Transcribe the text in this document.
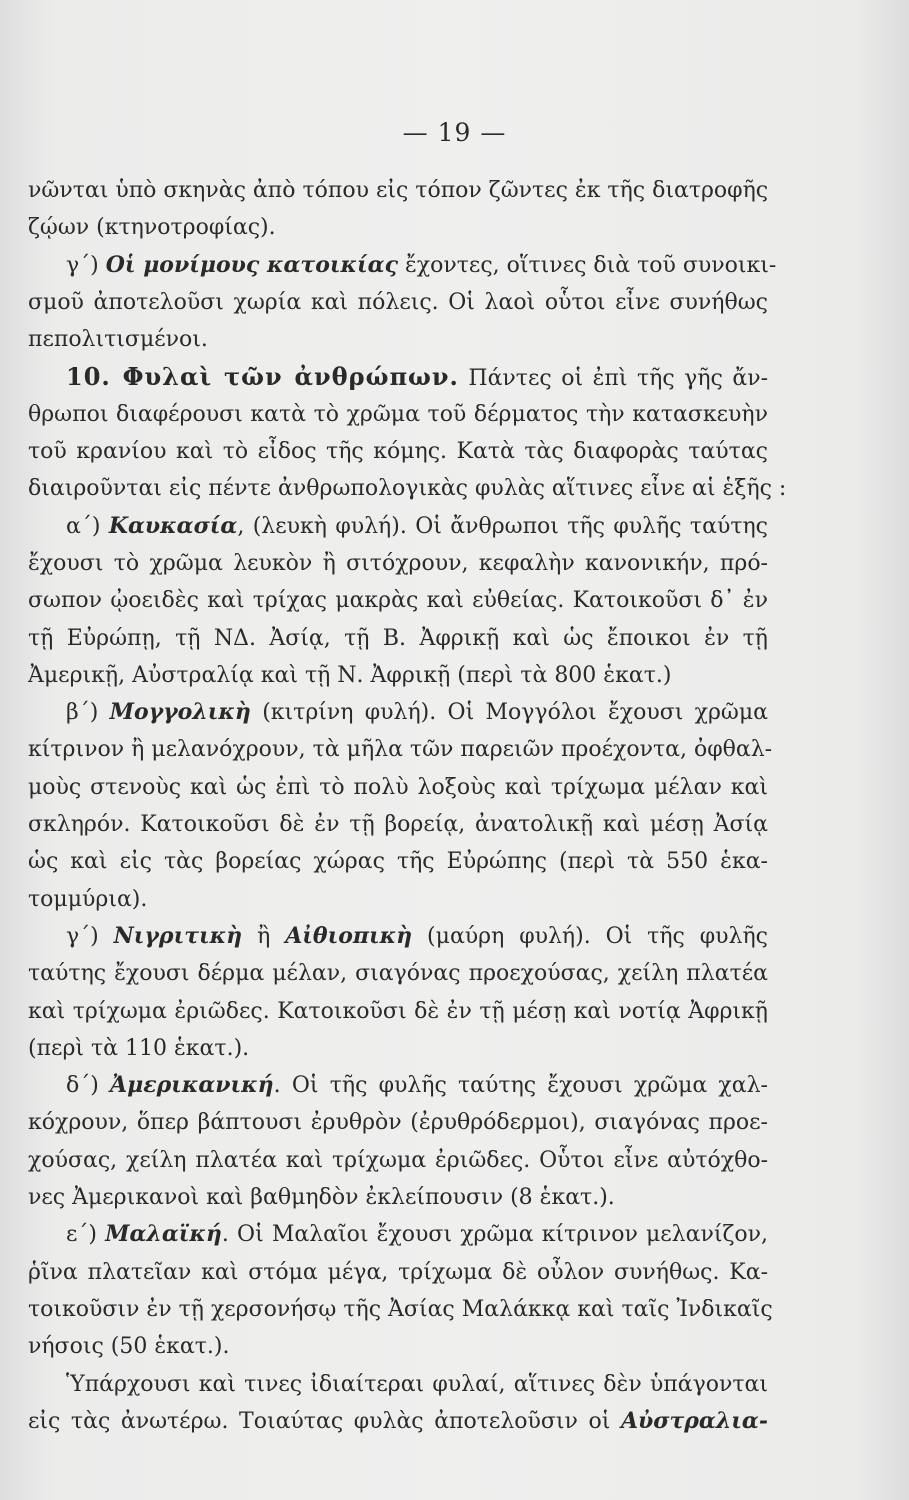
— 19 —
νῶνται ὑπὸ σκηνὰς ἀπὸ τόπου εἰς τόπον ζῶντες ἐκ τῆς διατροφῆς
ζῴων (κτηνοτροφίας).
γ΄) Οἱ μονίμους κατοικίας ἔχοντες, οἵτινες διὰ τοῦ συνοικι-
σμοῦ ἀποτελοῦσι χωρία καὶ πόλεις. Οἱ λαοὶ οὗτοι εἶνε συνήθως
πεπολιτισμένοι.
10. Φυλαὶ τῶν ἀνθρώπων. Πάντες οἱ ἐπὶ τῆς γῆς ἄν-
θρωποι διαφέρουσι κατὰ τὸ χρῶμα τοῦ δέρματος τὴν κατασκευὴν
τοῦ κρανίου καὶ τὸ εἶδος τῆς κόμης. Κατὰ τὰς διαφορὰς ταύτας
διαιροῦνται εἰς πέντε ἀνθρωπολογικὰς φυλὰς αἵτινες εἶνε αἱ ἑξῆς :
α΄) Καυκασία, (λευκὴ φυλή). Οἱ ἄνθρωποι τῆς φυλῆς ταύτης
ἔχουσι τὸ χρῶμα λευκὸν ἢ σιτόχρουν, κεφαλὴν κανονικήν, πρό-
σωπον ᾠοειδὲς καὶ τρίχας μακρὰς καὶ εὐθείας. Κατοικοῦσι δ᾿ ἐν
τῇ Εὐρώπῃ, τῇ ΝΔ. Ἀσίᾳ, τῇ Β. Ἀφρικῇ καὶ ὡς ἔποικοι ἐν τῇ
Ἀμερικῇ, Αὐστραλίᾳ καὶ τῇ Ν. Ἀφρικῇ (περὶ τὰ 800 ἑκατ.)
β΄) Μογγολικὴ (κιτρίνη φυλή). Οἱ Μογγόλοι ἔχουσι χρῶμα
κίτρινον ἢ μελανόχρουν, τὰ μῆλα τῶν παρειῶν προέχοντα, ὀφθαλ-
μοὺς στενοὺς καὶ ὡς ἐπὶ τὸ πολὺ λοξοὺς καὶ τρίχωμα μέλαν καὶ
σκληρόν. Κατοικοῦσι δὲ ἐν τῇ βορείᾳ, ἀνατολικῇ καὶ μέσῃ Ἀσίᾳ
ὡς καὶ εἰς τὰς βορείας χώρας τῆς Εὐρώπης (περὶ τὰ 550 ἑκα-
τομμύρια).
γ΄) Νιγριτικὴ ἢ Αἰθιοπικὴ (μαύρη φυλή). Οἱ τῆς φυλῆς
ταύτης ἔχουσι δέρμα μέλαν, σιαγόνας προεχούσας, χείλη πλατέα
καὶ τρίχωμα ἐριῶδες. Κατοικοῦσι δὲ ἐν τῇ μέσῃ καὶ νοτίᾳ Ἀφρικῇ
(περὶ τὰ 110 ἑκατ.).
δ΄) Ἀμερικανική. Οἱ τῆς φυλῆς ταύτης ἔχουσι χρῶμα χαλ-
κόχρουν, ὅπερ βάπτουσι ἐρυθρὸν (ἐρυθρόδερμοι), σιαγόνας προε-
χούσας, χείλη πλατέα καὶ τρίχωμα ἐριῶδες. Οὗτοι εἶνε αὐτόχθο-
νες Ἀμερικανοὶ καὶ βαθμηδὸν ἐκλείπουσιν (8 ἑκατ.).
ε΄) Μαλαϊκή. Οἱ Μαλαῖοι ἔχουσι χρῶμα κίτρινον μελανίζον,
ῥῖνα πλατεῖαν καὶ στόμα μέγα, τρίχωμα δὲ οὖλον συνήθως. Κα-
τοικοῦσιν ἐν τῇ χερσονήσῳ τῆς Ἀσίας Μαλάκκᾳ καὶ ταῖς Ἰνδικαῖς
νήσοις (50 ἑκατ.).
Ὑπάρχουσι καὶ τινες ἰδιαίτεραι φυλαί, αἵτινες δὲν ὑπάγονται
εἰς τὰς ἀνωτέρω. Τοιαύτας φυλὰς ἀποτελοῦσιν οἱ Αὐστραλια-
